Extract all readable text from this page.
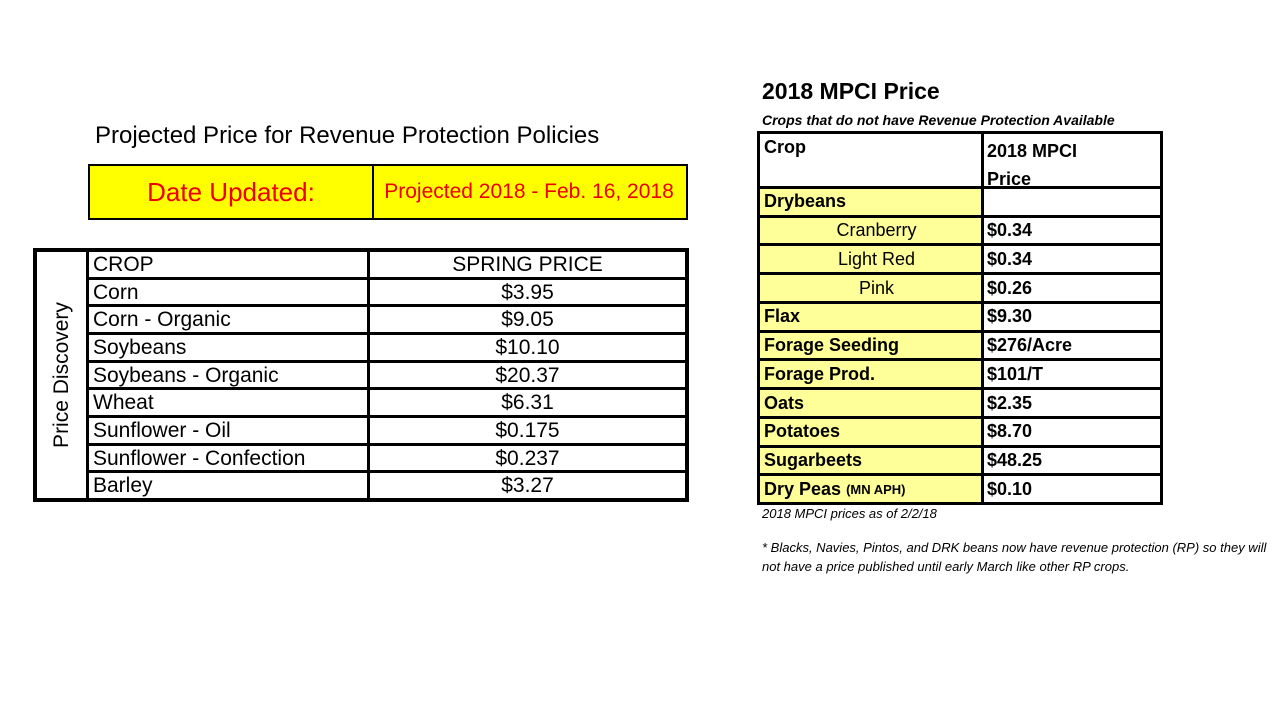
Projected Price for Revenue Protection Policies
Date Updated:	Projected 2018 - Feb. 16, 2018
Price Discovery
CROP	SPRING PRICE
Corn	$3.95
Corn - Organic	$9.05
Soybeans	$10.10
Soybeans - Organic	$20.37
Wheat	$6.31
Sunflower - Oil	$0.175
Sunflower - Confection	$0.237
Barley	$3.27
2018 MPCI Price
Crops that do not have Revenue Protection Available
Crop	2018 MPCI
Price
Drybeans
Cranberry	$0.34
Light Red	$0.34
Pink	$0.26
Flax	$9.30
Forage Seeding	$276/Acre
Forage Prod.	$101/T
Oats	$2.35
Potatoes	$8.70
Sugarbeets	$48.25
Dry Peas (MN APH)	$0.10
2018 MPCI prices as of 2/2/18
* Blacks, Navies, Pintos, and DRK beans now have revenue protection (RP) so they will not have a price published until early March like other RP crops.
